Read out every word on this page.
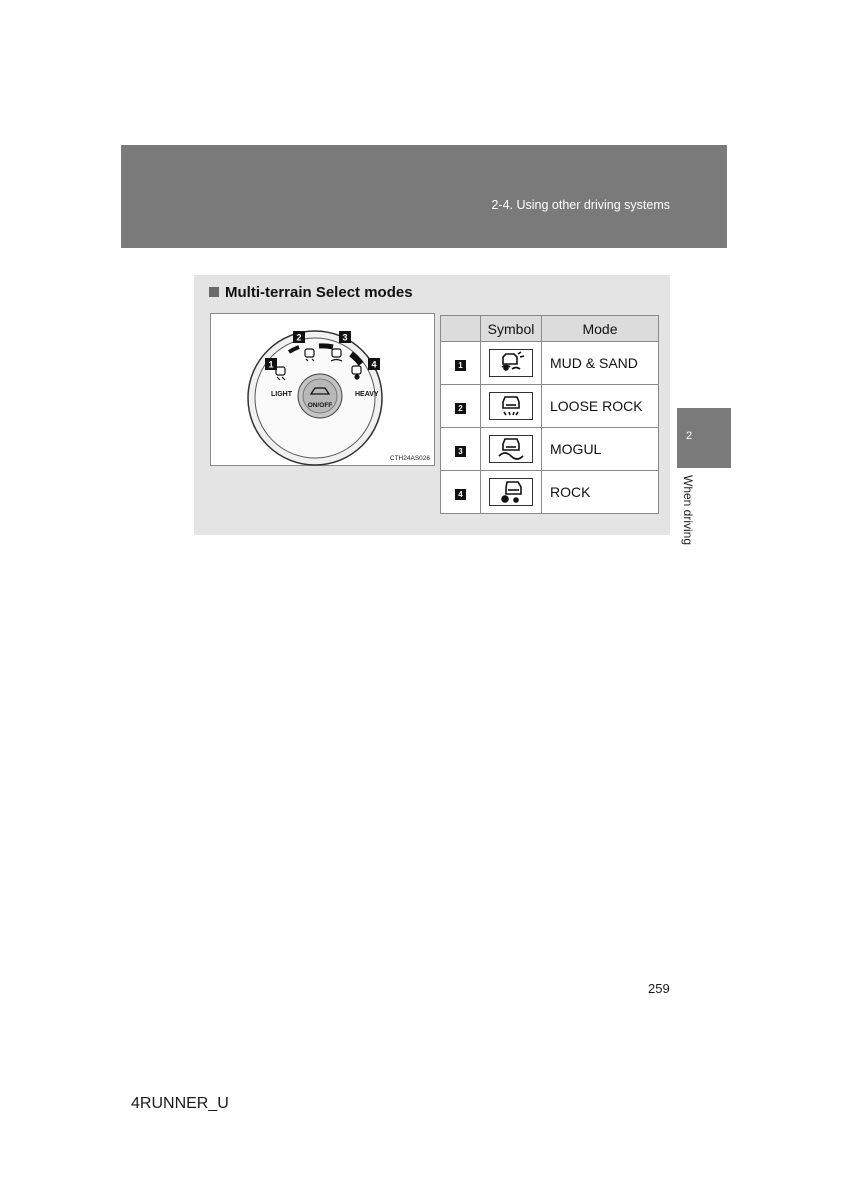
2-4. Using other driving systems
2
When driving
Multi-terrain Select modes
LIGHT	HEAVY
ON/OFF
1
2	3
4
CTH24AS026
	Symbol	Mode
1		MUD & SAND
2		LOOSE ROCK
3		MOGUL
4		ROCK
259
4RUNNER_U
